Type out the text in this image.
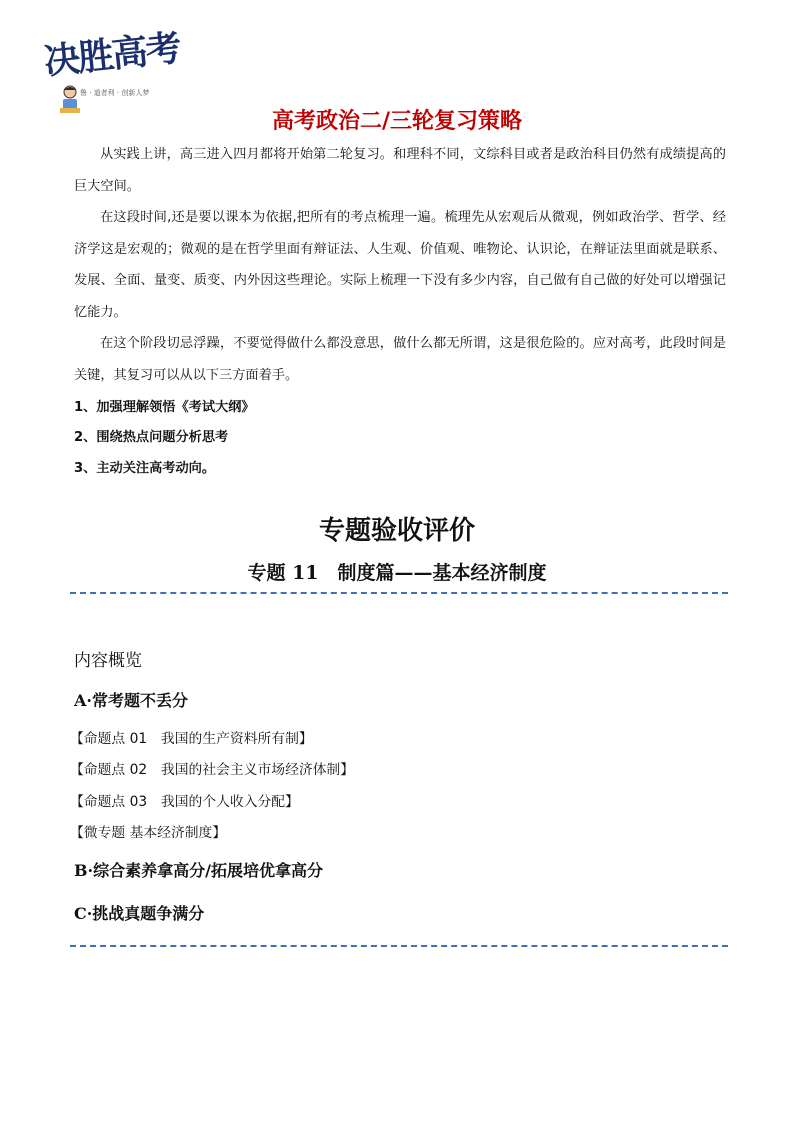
决胜高考
鲁 · 道者利 · 创新人梦
高考政治二/三轮复习策略

从实践上讲，高三进入四月都将开始第二轮复习。和理科不同，文综科目或者是政治科目仍然有成绩提高的巨大空间。

在这段时间,还是要以课本为依据,把所有的考点梳理一遍。梳理先从宏观后从微观，例如政治学、哲学、经济学这是宏观的；微观的是在哲学里面有辩证法、人生观、价值观、唯物论、认识论，在辩证法里面就是联系、发展、全面、量变、质变、内外因这些理论。实际上梳理一下没有多少内容，自己做有自己做的好处可以增强记忆能力。

在这个阶段切忌浮躁，不要觉得做什么都没意思，做什么都无所谓，这是很危险的。应对高考，此段时间是关键，其复习可以从以下三方面着手。

1、加强理解领悟《考试大纲》
2、围绕热点问题分析思考
3、主动关注高考动向。
专题验收评价
专题 11　制度篇——基本经济制度
内容概览
A·常考题不丢分
【命题点 01　我国的生产资料所有制】
【命题点 02　我国的社会主义市场经济体制】
【命题点 03　我国的个人收入分配】
【微专题 基本经济制度】
B·综合素养拿高分/拓展培优拿高分
C·挑战真题争满分
